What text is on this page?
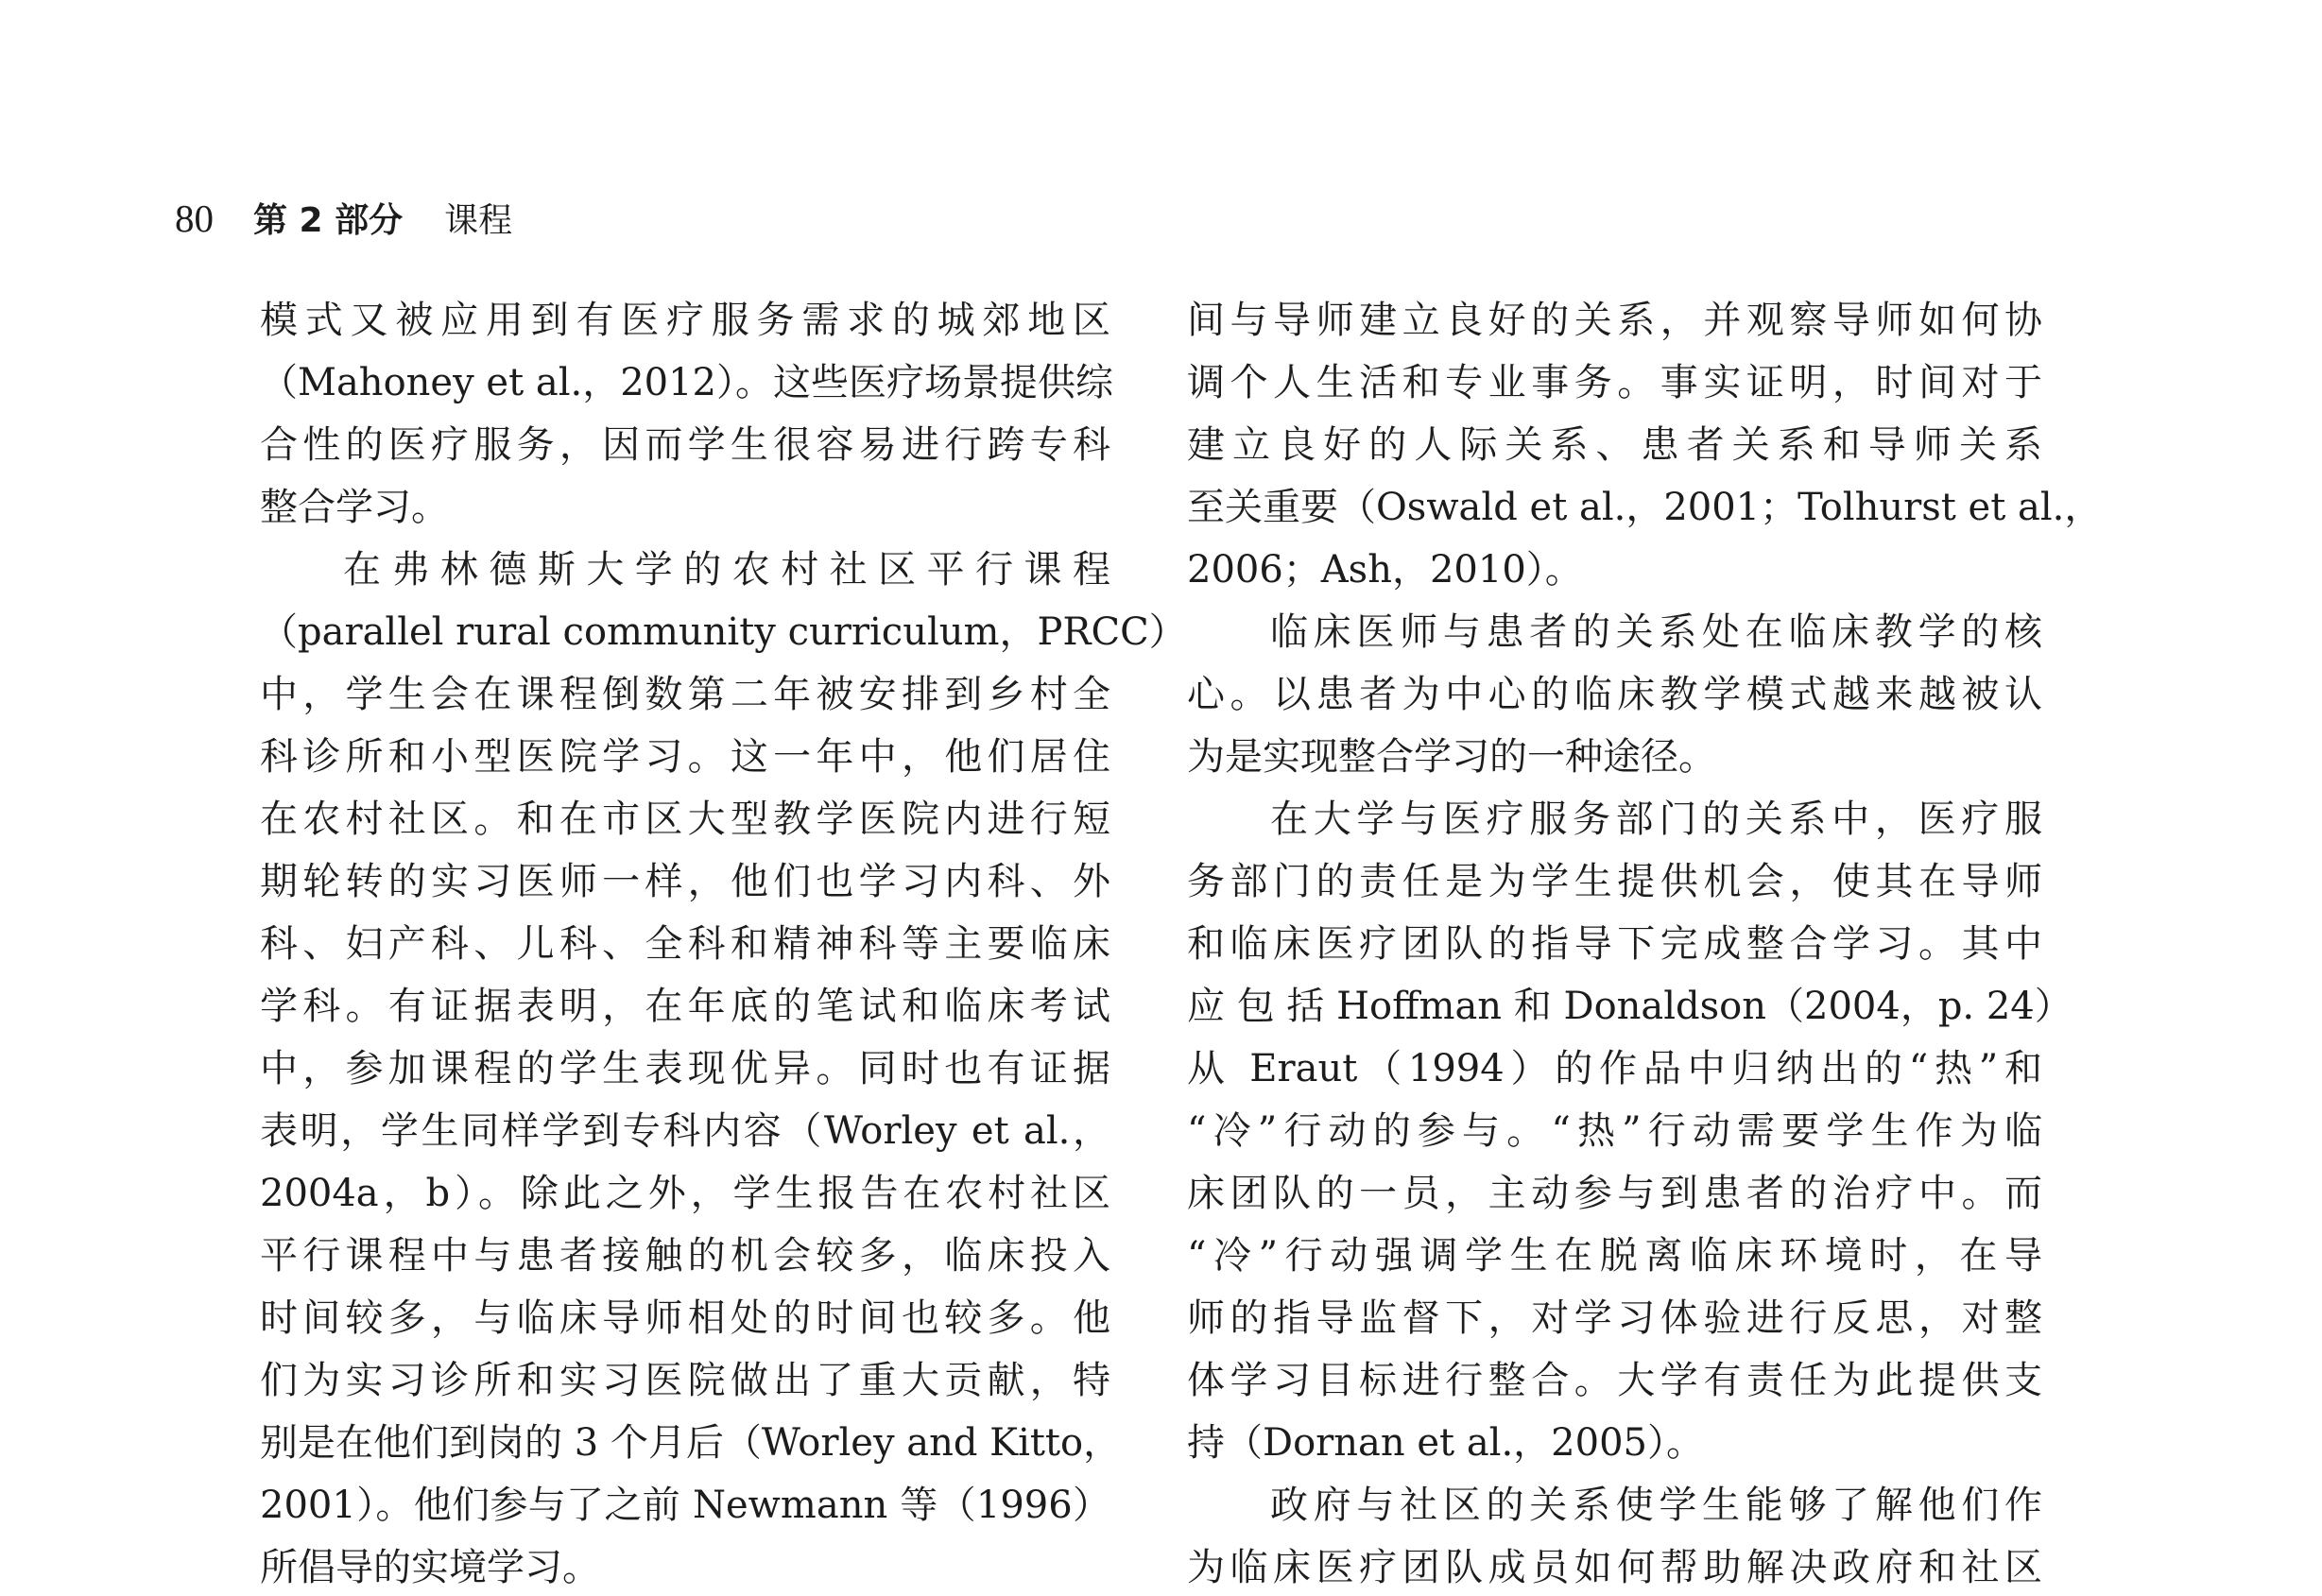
80 第 2 部分 课程
模式又被应用到有医疗服务需求的城郊地区
（Mahoney et al.，2012）。这些医疗场景提供综
合性的医疗服务，因而学生很容易进行跨专科
整合学习。
在弗林德斯大学的农村社区平行课程
（parallel rural community curriculum，PRCC）
中，学生会在课程倒数第二年被安排到乡村全
科诊所和小型医院学习。这一年中，他们居住
在农村社区。和在市区大型教学医院内进行短
期轮转的实习医师一样，他们也学习内科、外
科、妇产科、儿科、全科和精神科等主要临床
学科。有证据表明，在年底的笔试和临床考试
中，参加课程的学生表现优异。同时也有证据
表明，学生同样学到专科内容（Worley et al.，
2004a，b）。除此之外，学生报告在农村社区
平行课程中与患者接触的机会较多，临床投入
时间较多，与临床导师相处的时间也较多。他
们为实习诊所和实习医院做出了重大贡献，特
别是在他们到岗的 3 个月后（Worley and Kitto，
2001）。他们参与了之前 Newmann 等（1996）
所倡导的实境学习。
间与导师建立良好的关系，并观察导师如何协
调个人生活和专业事务。事实证明，时间对于
建立良好的人际关系、患者关系和导师关系
至关重要（Oswald et al.，2001；Tolhurst et al.，
2006；Ash，2010）。
临床医师与患者的关系处在临床教学的核
心。以患者为中心的临床教学模式越来越被认
为是实现整合学习的一种途径。
在大学与医疗服务部门的关系中，医疗服
务部门的责任是为学生提供机会，使其在导师
和临床医疗团队的指导下完成整合学习。其中
应 包 括 Hoffman 和 Donaldson（2004，p. 24）
从 Eraut（1994）的作品中归纳出的“热”和
“冷”行动的参与。“热”行动需要学生作为临
床团队的一员，主动参与到患者的治疗中。而
“冷”行动强调学生在脱离临床环境时，在导
师的指导监督下，对学习体验进行反思，对整
体学习目标进行整合。大学有责任为此提供支
持（Dornan et al.，2005）。
政府与社区的关系使学生能够了解他们作
为临床医疗团队成员如何帮助解决政府和社区
